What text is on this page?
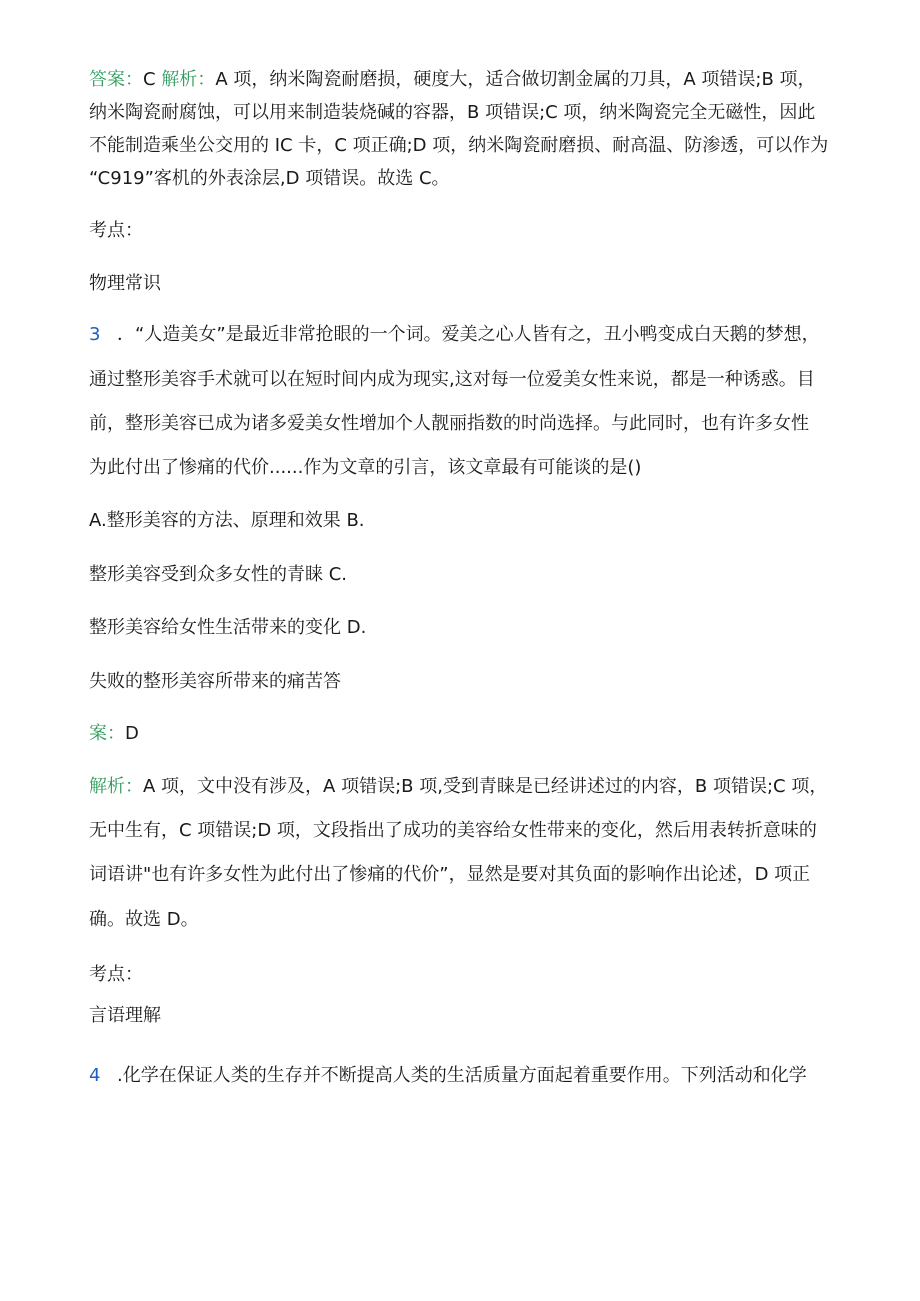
答案：C 解析：A 项，纳米陶瓷耐磨损，硬度大，适合做切割金属的刀具，A 项错误;B 项，
纳米陶瓷耐腐蚀，可以用来制造装烧碱的容器，B 项错误;C 项，纳米陶瓷完全无磁性，因此
不能制造乘坐公交用的 IC 卡，C 项正确;D 项，纳米陶瓷耐磨损、耐高温、防渗透，可以作为
“C919”客机的外表涂层,D 项错误。故选 C。
考点：
物理常识
3 ．“人造美女”是最近非常抢眼的一个词。爱美之心人皆有之，丑小鸭变成白天鹅的梦想，
通过整形美容手术就可以在短时间内成为现实,这对每一位爱美女性来说，都是一种诱惑。目
前，整形美容已成为诸多爱美女性增加个人靓丽指数的时尚选择。与此同时，也有许多女性
为此付出了惨痛的代价......作为文章的引言，该文章最有可能谈的是()
A.整形美容的方法、原理和效果 B.
整形美容受到众多女性的青睐 C.
整形美容给女性生活带来的变化 D.
失败的整形美容所带来的痛苦答
案：D
解析：A 项，文中没有涉及，A 项错误;B 项,受到青睐是已经讲述过的内容，B 项错误;C 项，
无中生有，C 项错误;D 项，文段指出了成功的美容给女性带来的变化，然后用表转折意味的
词语讲"也有许多女性为此付出了惨痛的代价”，显然是要对其负面的影响作出论述，D 项正
确。故选 D。
考点：
言语理解
4 .化学在保证人类的生存并不断提高人类的生活质量方面起着重要作用。下列活动和化学
